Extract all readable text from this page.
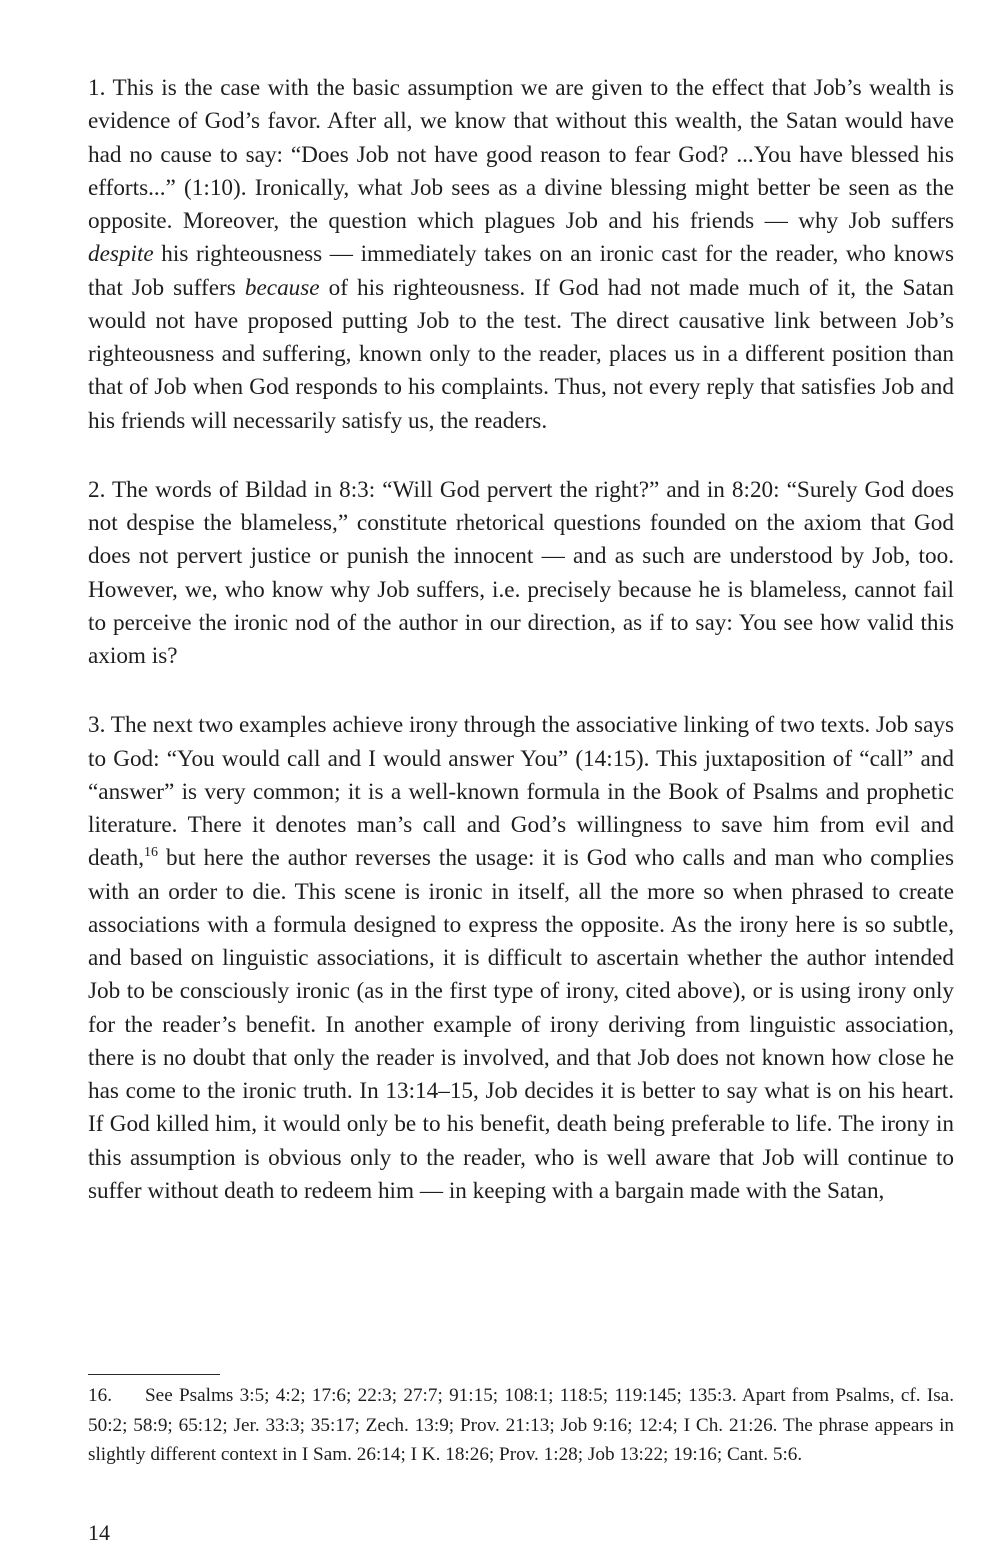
1. This is the case with the basic assumption we are given to the effect that Job’s wealth is evidence of God’s favor. After all, we know that without this wealth, the Satan would have had no cause to say: “Does Job not have good reason to fear God? ...You have blessed his efforts...” (1:10). Ironically, what Job sees as a divine blessing might better be seen as the opposite. Moreover, the question which plagues Job and his friends — why Job suffers despite his righteousness — immediately takes on an ironic cast for the reader, who knows that Job suffers because of his righteousness. If God had not made much of it, the Satan would not have proposed putting Job to the test. The direct causative link between Job’s righteousness and suffering, known only to the reader, places us in a different position than that of Job when God responds to his complaints. Thus, not every reply that satisfies Job and his friends will necessarily satisfy us, the readers.

2. The words of Bildad in 8:3: “Will God pervert the right?” and in 8:20: “Surely God does not despise the blameless,” constitute rhetorical questions founded on the axiom that God does not pervert justice or punish the innocent — and as such are understood by Job, too. However, we, who know why Job suffers, i.e. precisely because he is blameless, cannot fail to perceive the ironic nod of the author in our direction, as if to say: You see how valid this axiom is?

3. The next two examples achieve irony through the associative linking of two texts. Job says to God: “You would call and I would answer You” (14:15). This juxtaposition of “call” and “answer” is very common; it is a well-known formula in the Book of Psalms and prophetic literature. There it denotes man’s call and God’s willingness to save him from evil and death,$^{16}$ but here the author reverses the usage: it is God who calls and man who complies with an order to die. This scene is ironic in itself, all the more so when phrased to create associations with a formula designed to express the opposite. As the irony here is so subtle, and based on linguistic associations, it is difficult to ascertain whether the author intended Job to be consciously ironic (as in the first type of irony, cited above), or is using irony only for the reader’s benefit. In another example of irony deriving from linguistic association, there is no doubt that only the reader is involved, and that Job does not known how close he has come to the ironic truth. In 13:14–15, Job decides it is better to say what is on his heart. If God killed him, it would only be to his benefit, death being preferable to life. The irony in this assumption is obvious only to the reader, who is well aware that Job will continue to suffer without death to redeem him — in keeping with a bargain made with the Satan,

16. See Psalms 3:5; 4:2; 17:6; 22:3; 27:7; 91:15; 108:1; 118:5; 119:145; 135:3. Apart from Psalms, cf. Isa. 50:2; 58:9; 65:12; Jer. 33:3; 35:17; Zech. 13:9; Prov. 21:13; Job 9:16; 12:4; I Ch. 21:26. The phrase appears in slightly different context in I Sam. 26:14; I K. 18:26; Prov. 1:28; Job 13:22; 19:16; Cant. 5:6.

14
